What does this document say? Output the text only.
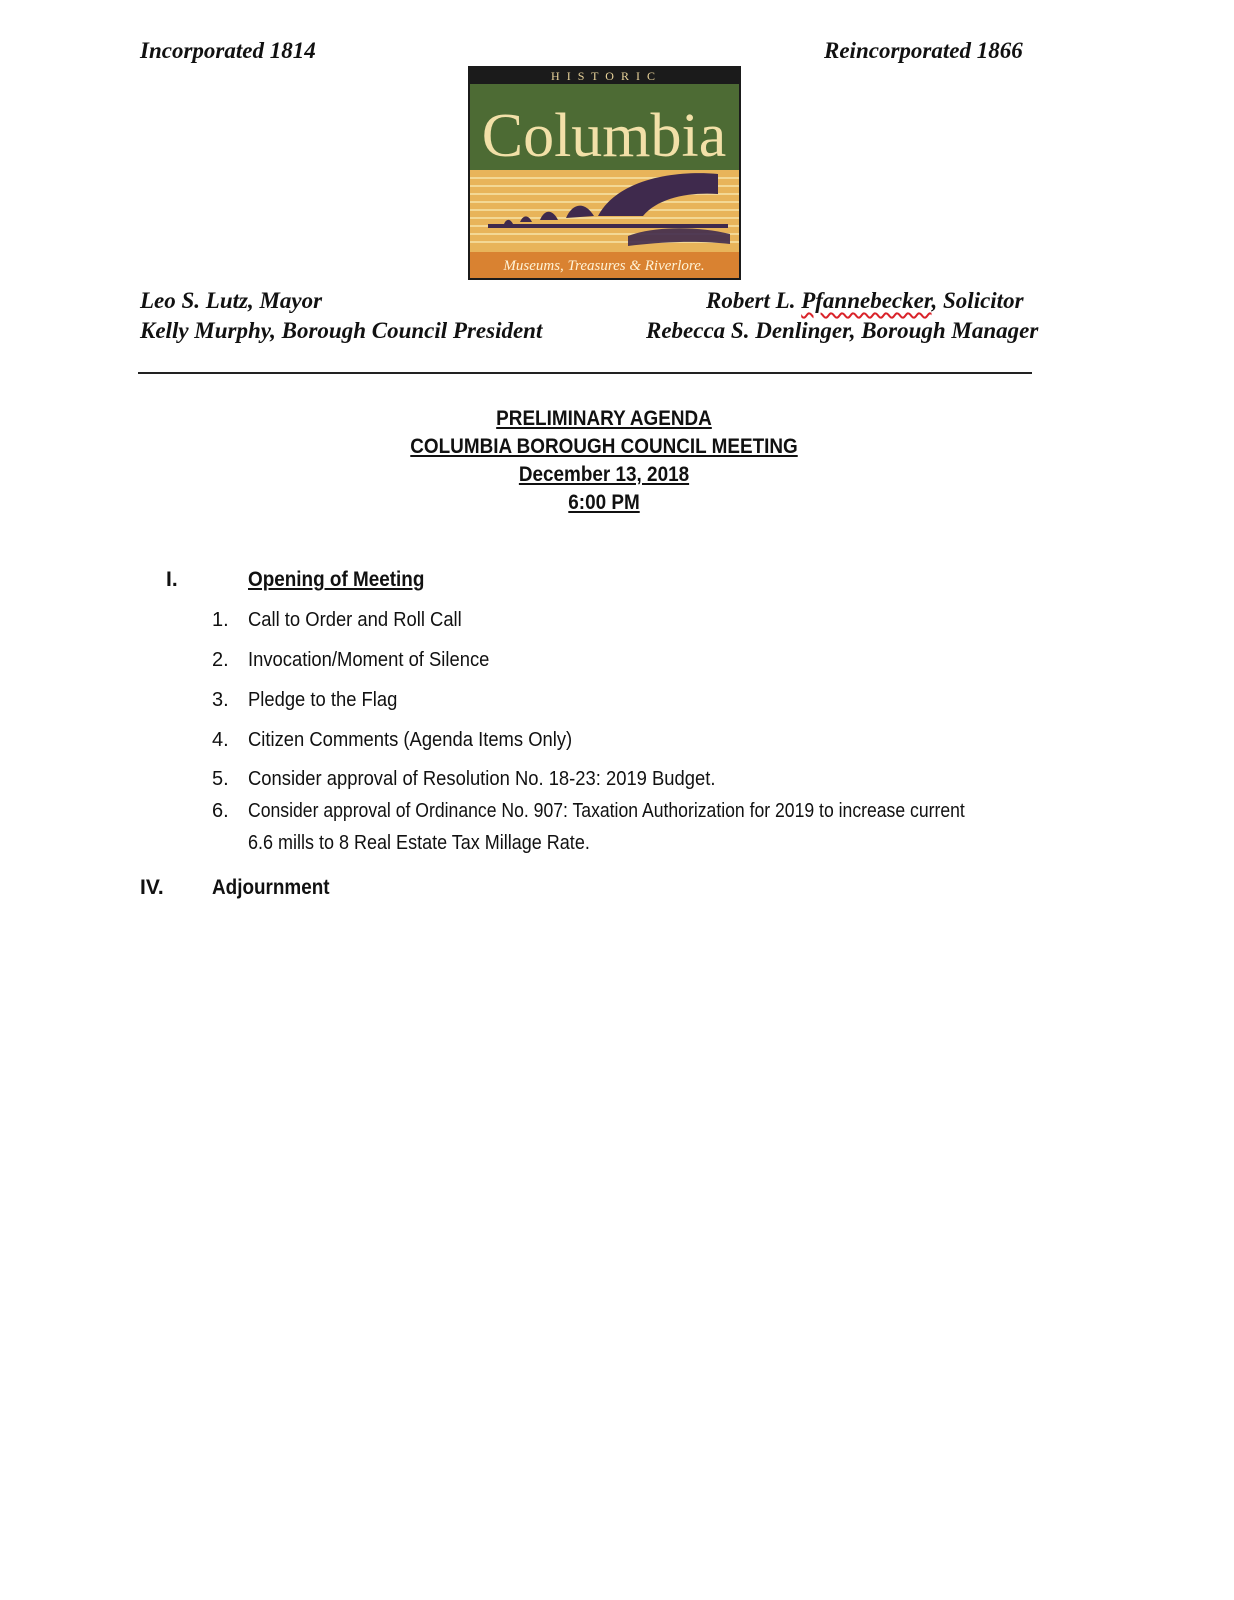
Incorporated 1814	Reincorporated 1866
H I S T O R I C
Columbia
Museums, Treasures & Riverlore.
Leo S. Lutz, Mayor
Kelly Murphy, Borough Council President
Robert L. Pfannebecker, Solicitor
Rebecca S. Denlinger, Borough Manager
PRELIMINARY AGENDA
COLUMBIA BOROUGH COUNCIL MEETING
December 13, 2018
6:00 PM
I.	Opening of Meeting
1. Call to Order and Roll Call
2. Invocation/Moment of Silence
3. Pledge to the Flag
4. Citizen Comments (Agenda Items Only)
5. Consider approval of Resolution No. 18-23: 2019 Budget.
6. Consider approval of Ordinance No. 907: Taxation Authorization for 2019 to increase current
6.6 mills to 8 Real Estate Tax Millage Rate.
IV. Adjournment
